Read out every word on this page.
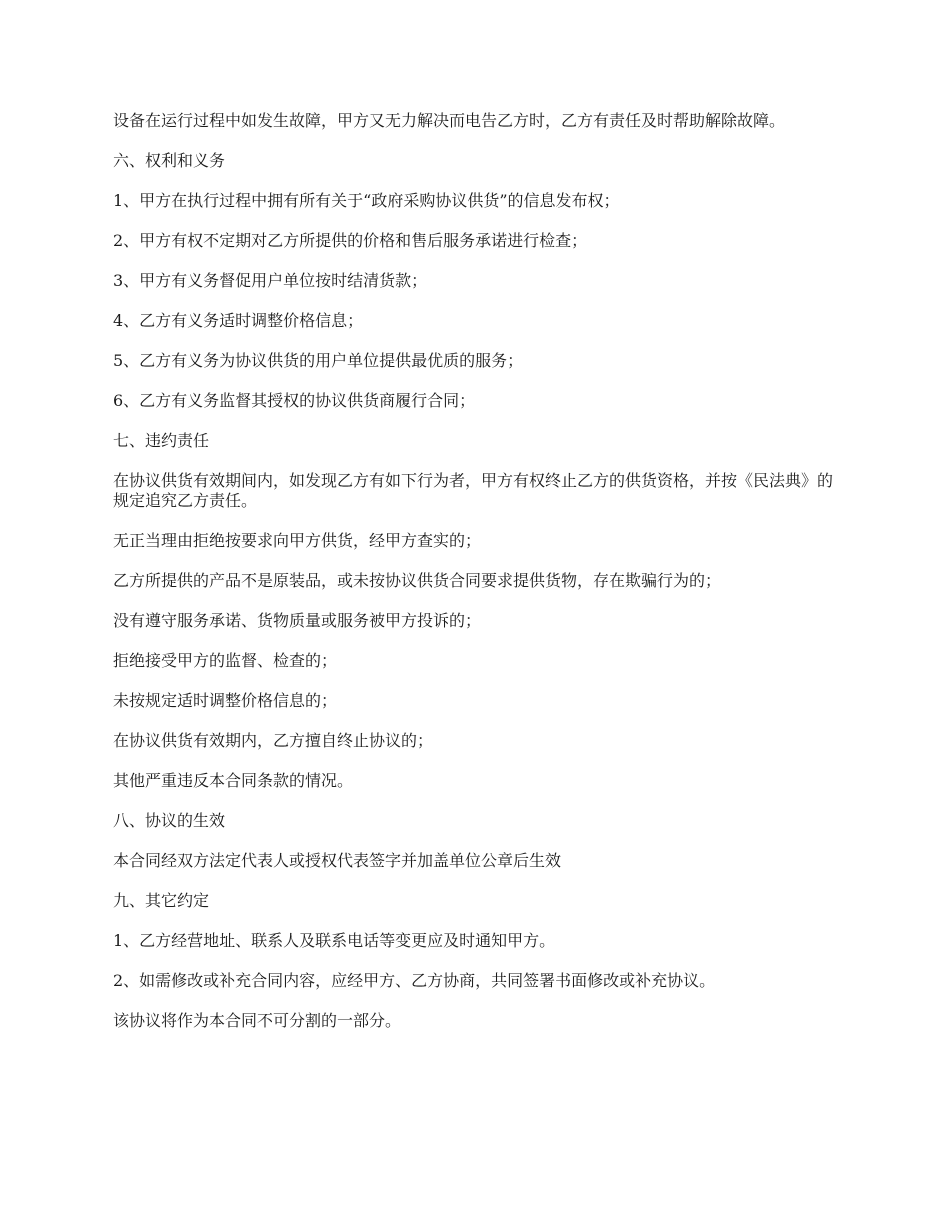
设备在运行过程中如发生故障，甲方又无力解决而电告乙方时，乙方有责任及时帮助解除故障。

六、权利和义务

1、甲方在执行过程中拥有所有关于“政府采购协议供货”的信息发布权；

2、甲方有权不定期对乙方所提供的价格和售后服务承诺进行检查；

3、甲方有义务督促用户单位按时结清货款；

4、乙方有义务适时调整价格信息；

5、乙方有义务为协议供货的用户单位提供最优质的服务；

6、乙方有义务监督其授权的协议供货商履行合同；

七、违约责任

在协议供货有效期间内，如发现乙方有如下行为者，甲方有权终止乙方的供货资格，并按《民法典》的规定追究乙方责任。

无正当理由拒绝按要求向甲方供货，经甲方查实的；

乙方所提供的产品不是原装品，或未按协议供货合同要求提供货物，存在欺骗行为的；

没有遵守服务承诺、货物质量或服务被甲方投诉的；

拒绝接受甲方的监督、检查的；

未按规定适时调整价格信息的；

在协议供货有效期内，乙方擅自终止协议的；

其他严重违反本合同条款的情况。

八、协议的生效

本合同经双方法定代表人或授权代表签字并加盖单位公章后生效

九、其它约定

1、乙方经营地址、联系人及联系电话等变更应及时通知甲方。

2、如需修改或补充合同内容，应经甲方、乙方协商，共同签署书面修改或补充协议。

该协议将作为本合同不可分割的一部分。
